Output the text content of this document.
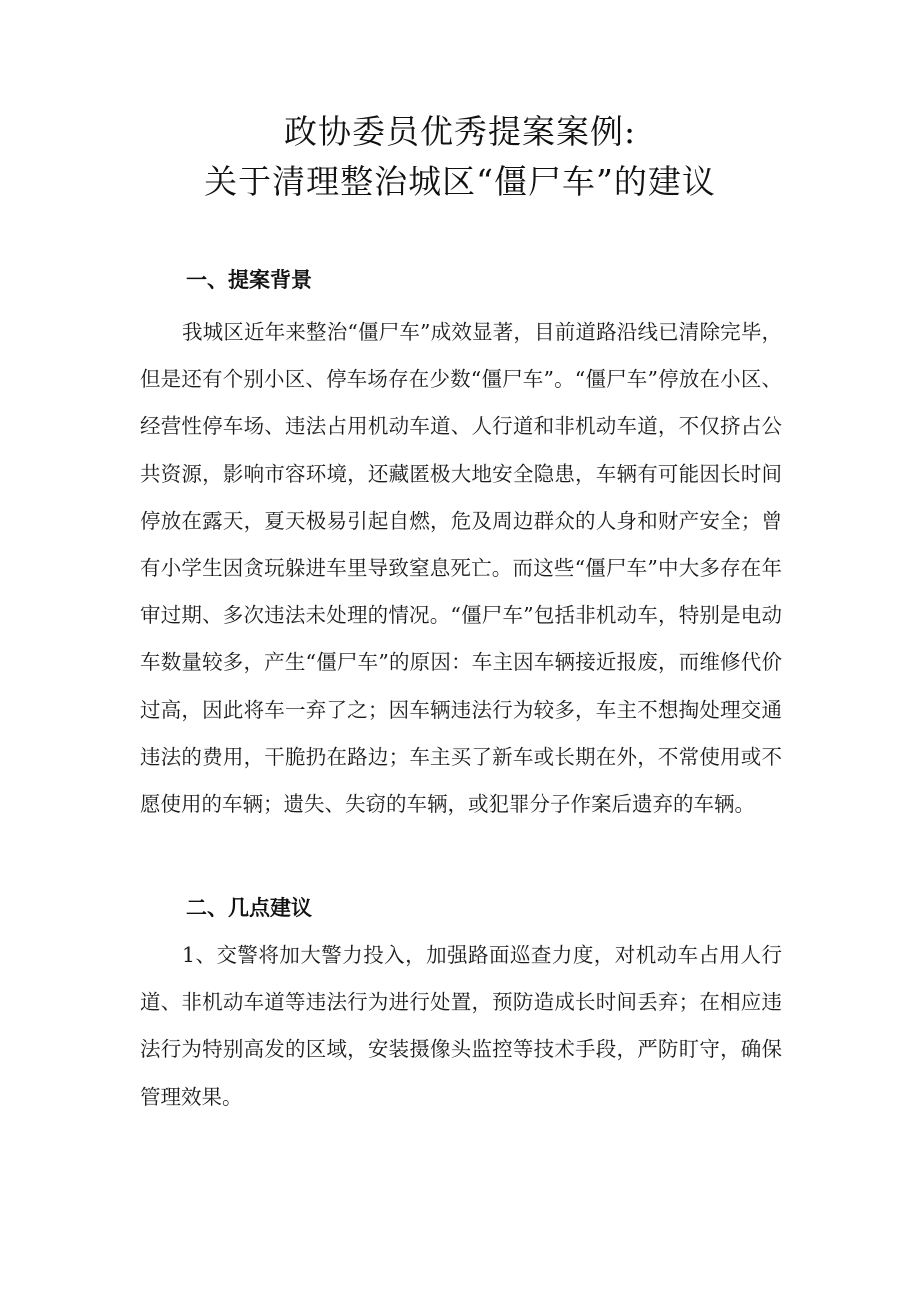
政协委员优秀提案案例:
关于清理整治城区“僵尸车”的建议
一、提案背景

我城区近年来整治“僵尸车”成效显著，目前道路沿线已清除完毕，但是还有个别小区、停车场存在少数“僵尸车”。“僵尸车”停放在小区、经营性停车场、违法占用机动车道、人行道和非机动车道，不仅挤占公共资源，影响市容环境，还藏匿极大地安全隐患，车辆有可能因长时间停放在露天，夏天极易引起自燃，危及周边群众的人身和财产安全；曾有小学生因贪玩躲进车里导致窒息死亡。而这些“僵尸车”中大多存在年审过期、多次违法未处理的情况。“僵尸车”包括非机动车，特别是电动车数量较多，产生“僵尸车”的原因：车主因车辆接近报废，而维修代价过高，因此将车一弃了之；因车辆违法行为较多，车主不想掏处理交通违法的费用，干脆扔在路边；车主买了新车或长期在外，不常使用或不愿使用的车辆；遗失、失窃的车辆，或犯罪分子作案后遗弃的车辆。

二、几点建议

1、交警将加大警力投入，加强路面巡查力度，对机动车占用人行道、非机动车道等违法行为进行处置，预防造成长时间丢弃；在相应违法行为特别高发的区域，安装摄像头监控等技术手段，严防盯守，确保管理效果。
